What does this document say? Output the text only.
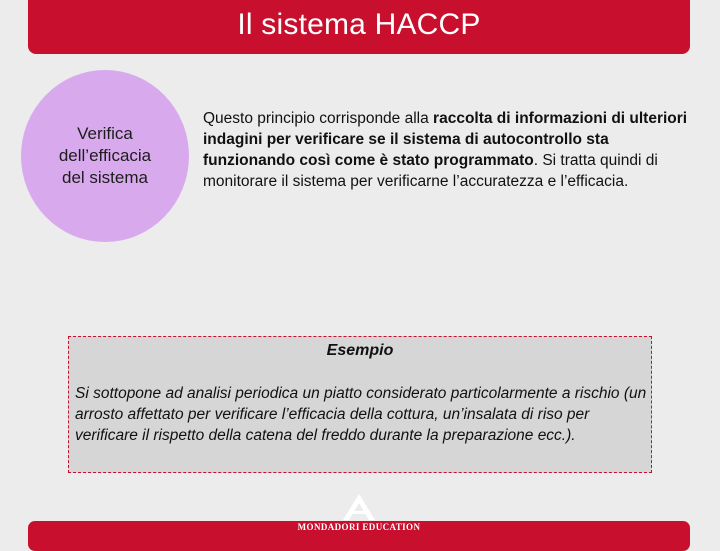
Il sistema HACCP
Verifica
dell’efficacia
del sistema
Questo principio corrisponde alla raccolta di informazioni di ulteriori indagini per verificare se il sistema di autocontrollo sta funzionando così come è stato programmato. Si tratta quindi di monitorare il sistema per verificarne l’accuratezza e l’efficacia.
Esempio
Si sottopone ad analisi periodica un piatto considerato particolarmente a rischio (un arrosto affettato per verificare l’efficacia della cottura, un’insalata di riso per verificare il rispetto della catena del freddo durante la preparazione ecc.).
MONDADORI EDUCATION
